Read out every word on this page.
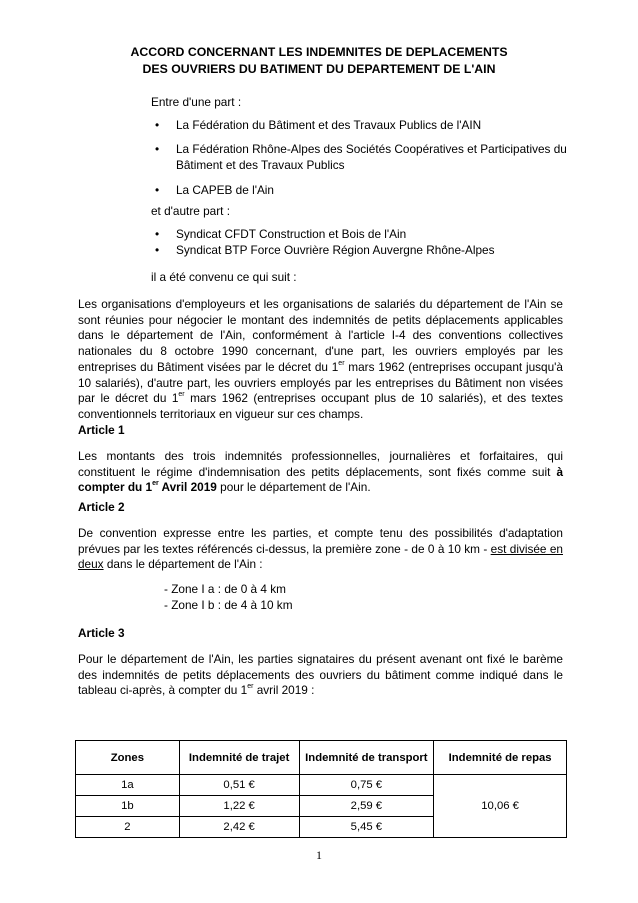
ACCORD CONCERNANT LES INDEMNITES DE DEPLACEMENTS
DES OUVRIERS DU BATIMENT DU DEPARTEMENT DE L'AIN
Entre d'une part :
• La Fédération du Bâtiment et des Travaux Publics de l'AIN
• La Fédération Rhône-Alpes des Sociétés Coopératives et Participatives du Bâtiment et des Travaux Publics
• La CAPEB de l'Ain
et d'autre part :
• Syndicat CFDT Construction et Bois de l'Ain
• Syndicat BTP Force Ouvrière Région Auvergne Rhône-Alpes
il a été convenu ce qui suit :

Les organisations d'employeurs et les organisations de salariés du département de l'Ain se sont réunies pour négocier le montant des indemnités de petits déplacements applicables dans le département de l'Ain, conformément à l'article I-4 des conventions collectives nationales du 8 octobre 1990 concernant, d'une part, les ouvriers employés par les entreprises du Bâtiment visées par le décret du 1er mars 1962 (entreprises occupant jusqu'à 10 salariés), d'autre part, les ouvriers employés par les entreprises du Bâtiment non visées par le décret du 1er mars 1962 (entreprises occupant plus de 10 salariés), et des textes conventionnels territoriaux en vigueur sur ces champs.

Article 1

Les montants des trois indemnités professionnelles, journalières et forfaitaires, qui constituent le régime d'indemnisation des petits déplacements, sont fixés comme suit à compter du 1er Avril 2019 pour le département de l'Ain.

Article 2

De convention expresse entre les parties, et compte tenu des possibilités d'adaptation prévues par les textes référencés ci-dessus, la première zone - de 0 à 10 km - est divisée en deux dans le département de l'Ain :

- Zone I a : de 0 à 4 km
- Zone I b : de 4 à 10 km
Article 3

Pour le département de l'Ain, les parties signataires du présent avenant ont fixé le barème des indemnités de petits déplacements des ouvriers du bâtiment comme indiqué dans le tableau ci-après, à compter du 1er avril 2019 :

Zones	Indemnité de trajet	Indemnité de transport	Indemnité de repas
1a	0,51 €	0,75 €	10,06 €
1b	1,22 €	2,59 €	
2	2,42 €	5,45 €	
1
